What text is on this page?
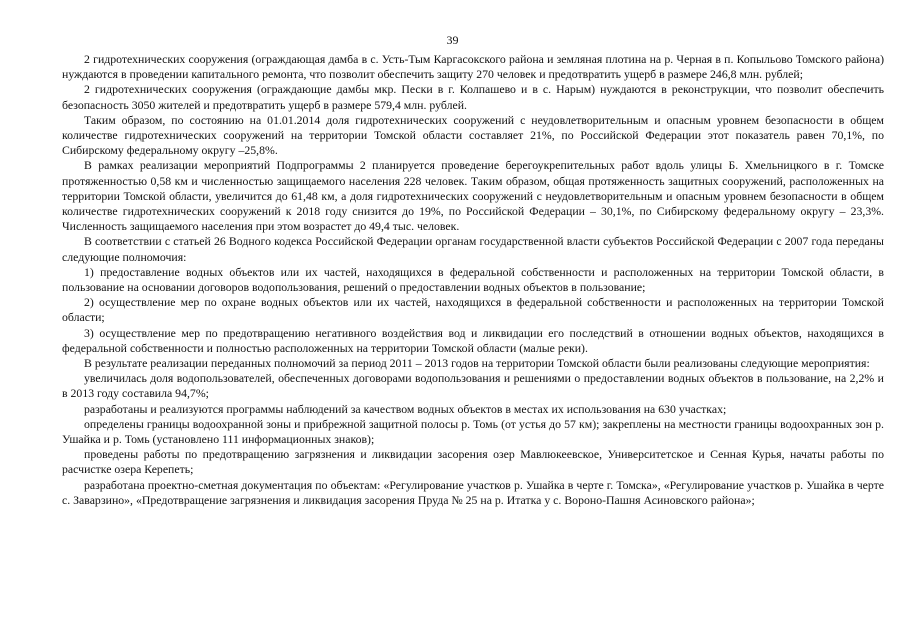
39

2 гидротехнических сооружения (ограждающая дамба в с. Усть-Тым Каргасокского района и земляная плотина на р. Черная в п. Копыльово Томского района) нуждаются в проведении капитального ремонта, что позволит обеспечить защиту 270 человек и предотвратить ущерб в размере 246,8 млн. рублей;

2 гидротехнических сооружения (ограждающие дамбы мкр. Пески в г. Колпашево и в с. Нарым) нуждаются в реконструкции, что позволит обеспечить безопасность 3050 жителей и предотвратить ущерб в размере 579,4 млн. рублей.

Таким образом, по состоянию на 01.01.2014 доля гидротехнических сооружений с неудовлетворительным и опасным уровнем безопасности в общем количестве гидротехнических сооружений на территории Томской области составляет 21%, по Российской Федерации этот показатель равен 70,1%, по Сибирскому федеральному округу –25,8%.

В рамках реализации мероприятий Подпрограммы 2 планируется проведение берегоукрепительных работ вдоль улицы Б. Хмельницкого в г. Томске протяженностью 0,58 км и численностью защищаемого населения 228 человек. Таким образом, общая протяженность защитных сооружений, расположенных на территории Томской области, увеличится до 61,48 км, а доля гидротехнических сооружений с неудовлетворительным и опасным уровнем безопасности в общем количестве гидротехнических сооружений к 2018 году снизится до 19%, по Российской Федерации – 30,1%, по Сибирскому федеральному округу – 23,3%. Численность защищаемого населения при этом возрастет до 49,4 тыс. человек.

В соответствии с статьей 26 Водного кодекса Российской Федерации органам государственной власти субъектов Российской Федерации с 2007 года переданы следующие полномочия:

1) предоставление водных объектов или их частей, находящихся в федеральной собственности и расположенных на территории Томской области, в пользование на основании договоров водопользования, решений о предоставлении водных объектов в пользование;

2) осуществление мер по охране водных объектов или их частей, находящихся в федеральной собственности и расположенных на территории Томской области;

3) осуществление мер по предотвращению негативного воздействия вод и ликвидации его последствий в отношении водных объектов, находящихся в федеральной собственности и полностью расположенных на территории Томской области (малые реки).

В результате реализации переданных полномочий за период 2011 – 2013 годов на территории Томской области были реализованы следующие мероприятия:

увеличилась доля водопользователей, обеспеченных договорами водопользования и решениями о предоставлении водных объектов в пользование, на 2,2% и в 2013 году составила 94,7%;

разработаны и реализуются программы наблюдений за качеством водных объектов в местах их использования на 630 участках;

определены границы водоохранной зоны и прибрежной защитной полосы р. Томь (от устья до 57 км); закреплены на местности границы водоохранных зон р. Ушайка и р. Томь (установлено 111 информационных знаков);

проведены работы по предотвращению загрязнения и ликвидации засорения озер Мавлюкеевское, Университетское и Сенная Курья, начаты работы по расчистке озера Керепеть;

разработана проектно-сметная документация по объектам: «Регулирование участков р. Ушайка в черте г. Томска», «Регулирование участков р. Ушайка в черте с. Заварзино», «Предотвращение загрязнения и ликвидация засорения Пруда № 25 на р. Итатка у с. Вороно-Пашня Асиновского района»;
